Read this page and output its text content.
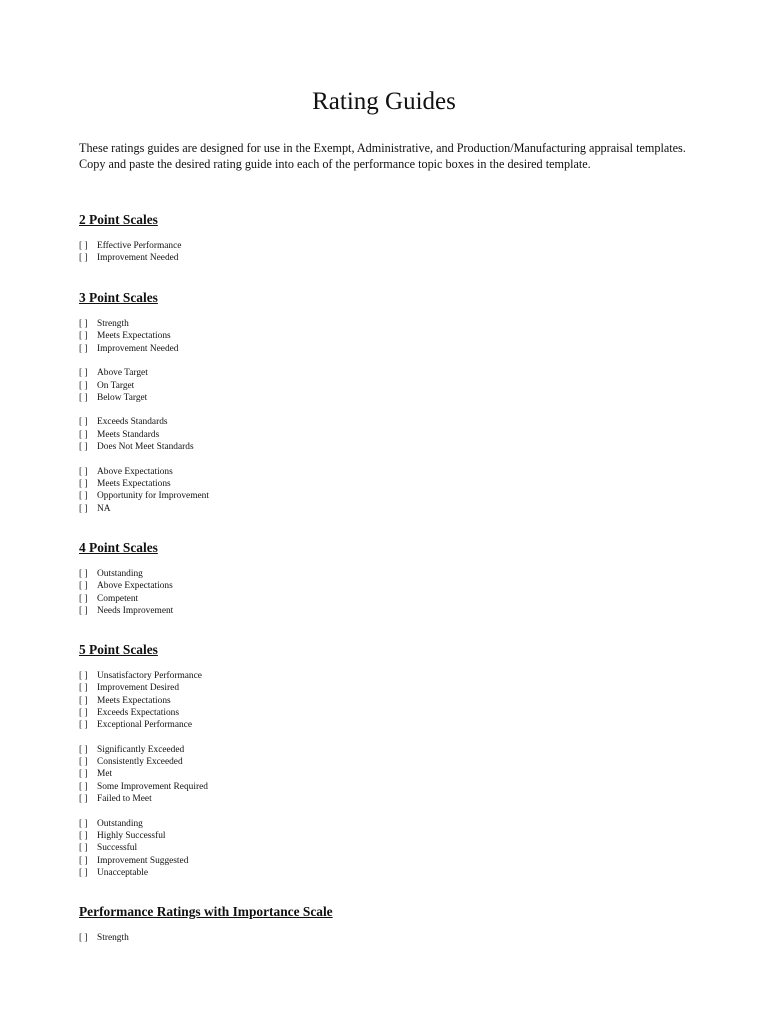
Rating Guides

These ratings guides are designed for use in the Exempt, Administrative, and Production/Manufacturing appraisal templates. Copy and paste the desired rating guide into each of the performance topic boxes in the desired template.

2 Point Scales
[ ] Effective Performance
[ ] Improvement Needed
3 Point Scales
[ ] Strength
[ ] Meets Expectations
[ ] Improvement Needed
[ ] Above Target
[ ] On Target
[ ] Below Target
[ ] Exceeds Standards
[ ] Meets Standards
[ ] Does Not Meet Standards
[ ] Above Expectations
[ ] Meets Expectations
[ ] Opportunity for Improvement
[ ] NA
4 Point Scales
[ ] Outstanding
[ ] Above Expectations
[ ] Competent
[ ] Needs Improvement
5 Point Scales
[ ] Unsatisfactory Performance
[ ] Improvement Desired
[ ] Meets Expectations
[ ] Exceeds Expectations
[ ] Exceptional Performance
[ ] Significantly Exceeded
[ ] Consistently Exceeded
[ ] Met
[ ] Some Improvement Required
[ ] Failed to Meet
[ ] Outstanding
[ ] Highly Successful
[ ] Successful
[ ] Improvement Suggested
[ ] Unacceptable
Performance Ratings with Importance Scale
[ ] Strength
